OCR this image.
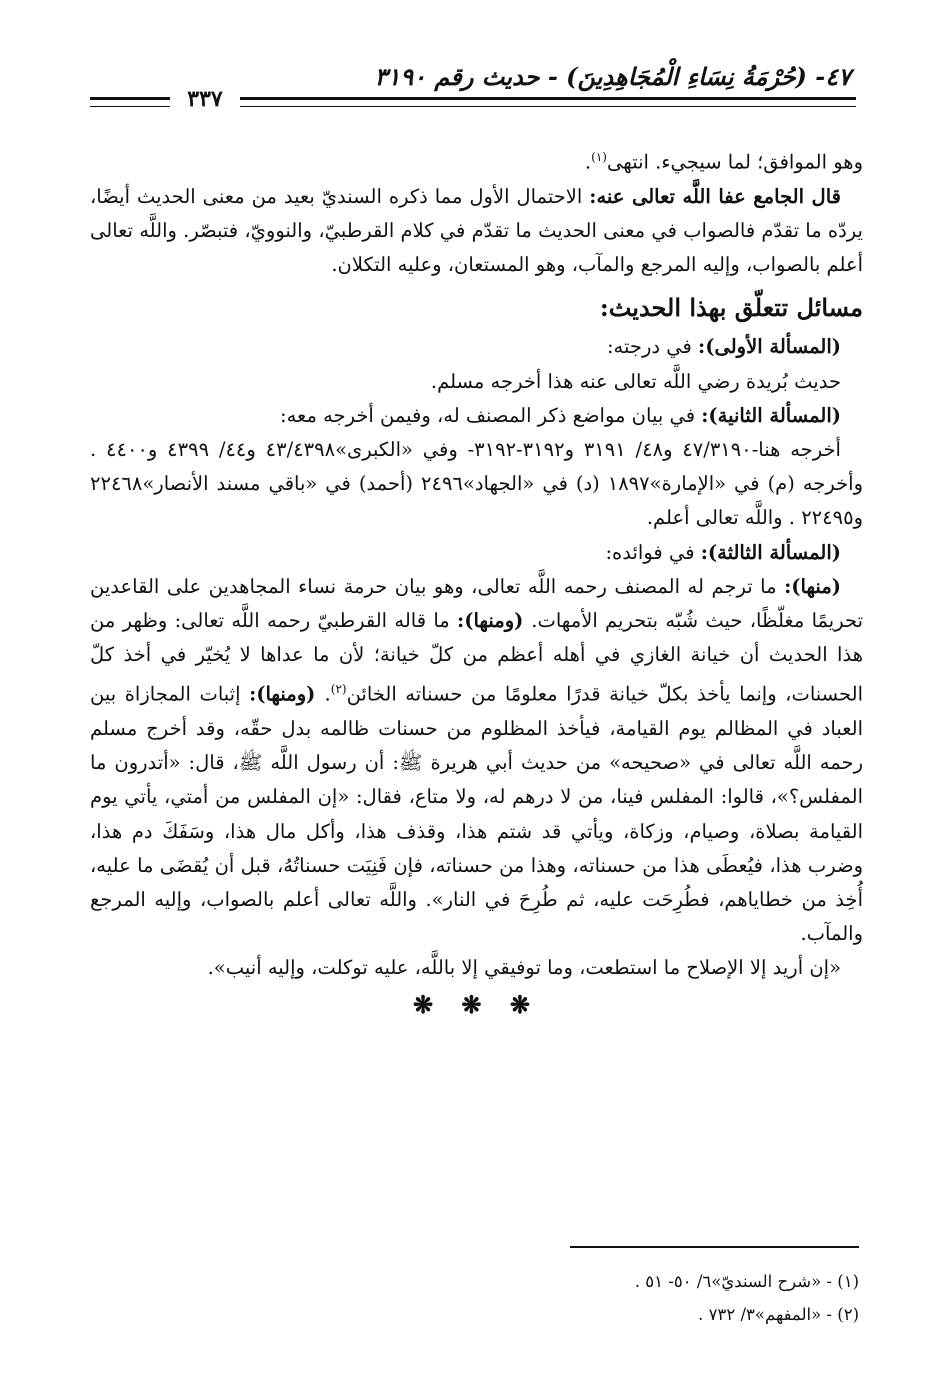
٤٧- (حُرْمَةُ نِسَاءِ الْمُجَاهِدِينَ) - حديث رقم ٣١٩٠
٣٣٧

وهو الموافق؛ لما سيجيء. انتهى$^{(١)}$.

قال الجامع عفا اللَّه تعالى عنه: الاحتمال الأول مما ذكره السنديّ بعيد من معنى الحديث أيضًا، يردّه ما تقدّم فالصواب في معنى الحديث ما تقدّم في كلام القرطبيّ، والنوويّ، فتبصّر. واللَّه تعالى أعلم بالصواب، وإليه المرجع والمآب، وهو المستعان، وعليه التكلان.

مسائل تتعلّق بهذا الحديث:

(المسألة الأولى): في درجته:

حديث بُريدة رضي اللَّه تعالى عنه هذا أخرجه مسلم.

(المسألة الثانية): في بيان مواضع ذكر المصنف له، وفيمن أخرجه معه:

أخرجه هنا-٤٧/٣١٩٠ و٤٨/ ٣١٩١ و٣١٩٢-٣١٩٢- وفي «الكبرى»٤٣/٤٣٩٨ و٤٤/ ٤٣٩٩ و٤٤٠٠ . وأخرجه (م) في «الإمارة»١٨٩٧ (د) في «الجهاد»٢٤٩٦ (أحمد) في «باقي مسند الأنصار»٢٢٤٦٨ و٢٢٤٩٥ . واللَّه تعالى أعلم.

(المسألة الثالثة): في فوائده:

(منها): ما ترجم له المصنف رحمه اللَّه تعالى، وهو بيان حرمة نساء المجاهدين على القاعدين تحريمًا مغلّظًا، حيث شُبّه بتحريم الأمهات. (ومنها): ما قاله القرطبيّ رحمه اللَّه تعالى: وظهر من هذا الحديث أن خيانة الغازي في أهله أعظم من كلّ خيانة؛ لأن ما عداها لا يُخيّر في أخذ كلّ الحسنات، وإنما يأخذ بكلّ خيانة قدرًا معلومًا من حسناته الخائن$^{(٢)}$. (ومنها): إثبات المجازاة بين العباد في المظالم يوم القيامة، فيأخذ المظلوم من حسنات ظالمه بدل حقّه، وقد أخرج مسلم رحمه اللَّه تعالى في «صحيحه» من حديث أبي هريرة ﷺ: أن رسول اللَّه ﷺ، قال: «أتدرون ما المفلس؟»، قالوا: المفلس فينا، من لا درهم له، ولا متاع، فقال: «إن المفلس من أمتي، يأتي يوم القيامة بصلاة، وصيام، وزكاة، ويأتي قد شتم هذا، وقذف هذا، وأكل مال هذا، وسَفَكَ دم هذا، وضرب هذا، فيُعطَى هذا من حسناته، وهذا من حسناته، فإن فَنِيَت حسناتُهُ، قبل أن يُقضَى ما عليه، أُخِذ من خطاياهم، فطُرِحَت عليه، ثم طُرِحَ في النار». واللَّه تعالى أعلم بالصواب، وإليه المرجع والمآب.

«إن أريد إلا الإصلاح ما استطعت، وما توفيقي إلا باللَّه، عليه توكلت، وإليه أنيب».

❋ ❋ ❋

(١) - «شرح السنديّ»٦/ ٥٠- ٥١ .

(٢) - «المفهم»٣/ ٧٣٢ .
